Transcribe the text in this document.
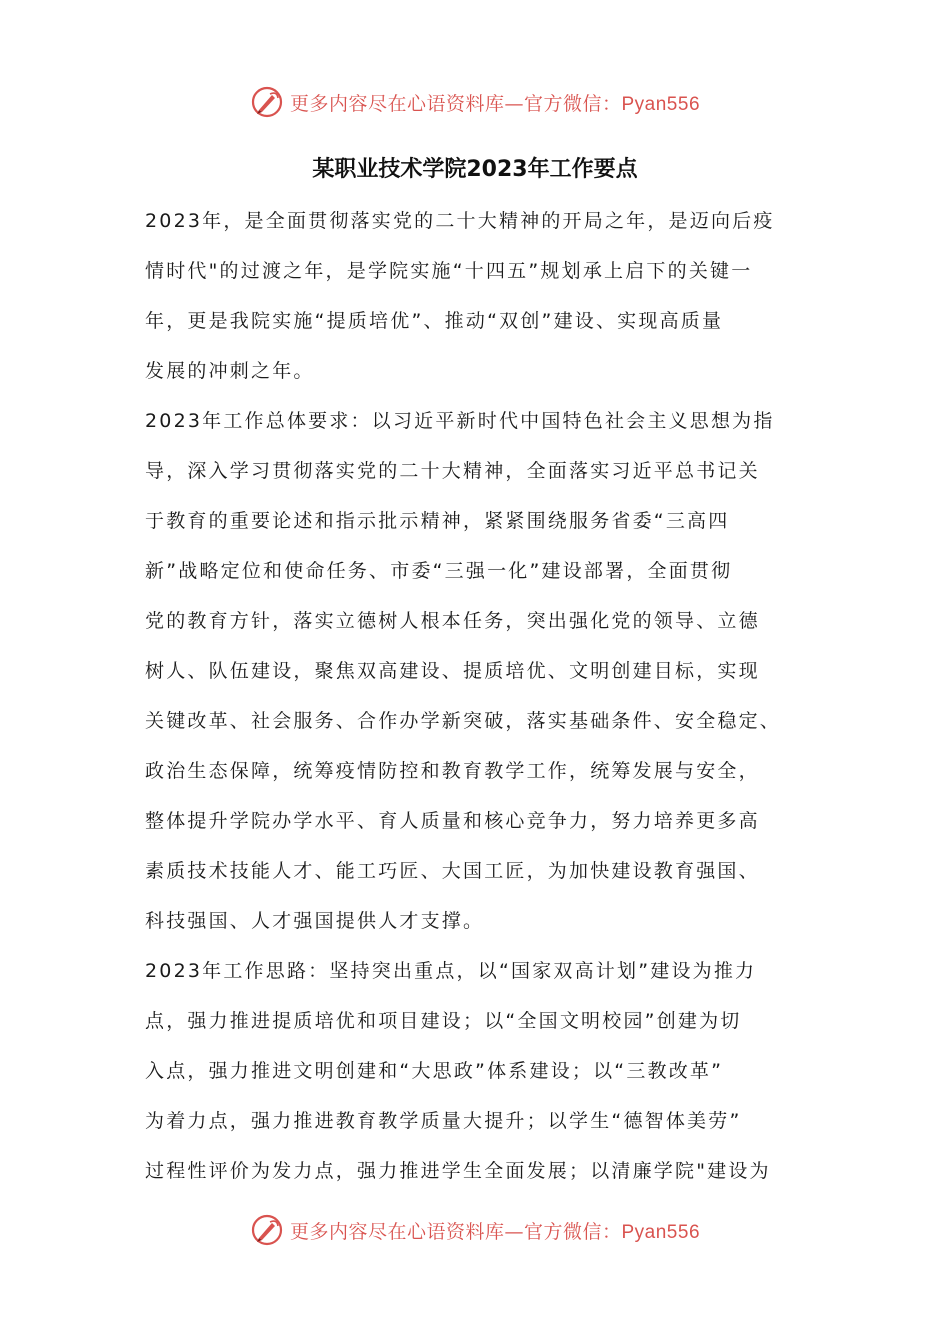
更多内容尽在心语资料库—官方微信：Pyan556
某职业技术学院2023年工作要点
2023年，是全面贯彻落实党的二十大精神的开局之年，是迈向后疫
情时代"的过渡之年，是学院实施“十四五”规划承上启下的关键一
年，更是我院实施“提质培优”、推动“双创”建设、实现高质量
发展的冲刺之年。
2023年工作总体要求：以习近平新时代中国特色社会主义思想为指
导，深入学习贯彻落实党的二十大精神，全面落实习近平总书记关
于教育的重要论述和指示批示精神，紧紧围绕服务省委“三高四
新”战略定位和使命任务、市委“三强一化”建设部署，全面贯彻
党的教育方针，落实立德树人根本任务，突出强化党的领导、立德
树人、队伍建设，聚焦双高建设、提质培优、文明创建目标，实现
关键改革、社会服务、合作办学新突破，落实基础条件、安全稳定、
政治生态保障，统筹疫情防控和教育教学工作，统筹发展与安全，
整体提升学院办学水平、育人质量和核心竞争力，努力培养更多高
素质技术技能人才、能工巧匠、大国工匠，为加快建设教育强国、
科技强国、人才强国提供人才支撑。
2023年工作思路：坚持突出重点，以“国家双高计划”建设为推力
点，强力推进提质培优和项目建设；以“全国文明校园”创建为切
入点，强力推进文明创建和“大思政”体系建设；以“三教改革”
为着力点，强力推进教育教学质量大提升；以学生“德智体美劳”
过程性评价为发力点，强力推进学生全面发展；以清廉学院"建设为
更多内容尽在心语资料库—官方微信：Pyan556
